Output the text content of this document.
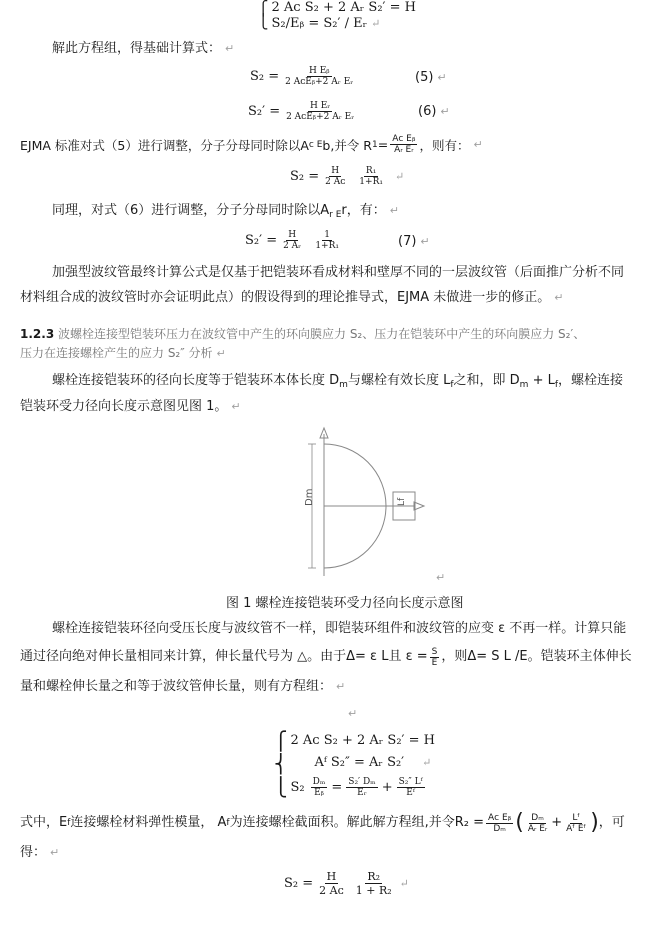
⎧
⎩
2 Aᴄ S₂ + 2 Aᵣ S₂′ = H
S₂/Eᵦ = S₂′ / Eᵣ ↵
解此方程组，得基础计算式： ↵
$S_2 = \frac{\text{H Eᵦ}}{\text{2 AᴄEᵦ+2 Aᵣ Eᵣ}}$	(5) ↵
$S_2' = \frac{\text{H Eᵣ}}{\text{2 AᴄEᵦ+2 Aᵣ Eᵣ}}$	(6) ↵
EJMA 标准对式（5）进行调整，分子分母同时除以A c E b,并令 R $1 = \frac{\text{Aᴄ Eᵦ}}{\text{Aᵣ Eᵣ}}$ ，则有： ↵
$S_2 = \frac{H}{\text{2 Aᴄ}} \frac{\text{R₁}}{\text{1+R₁}}$ ↵
同理，对式（6）进行调整，分子分母同时除以$A_{r E}r$，有： ↵
$S_2' = \frac{H}{\text{2 Aᵣ}} \frac{1}{\text{1+R₁}}$	(7) ↵
加强型波纹管最终计算公式是仅基于把铠装环看成材料和壁厚不同的一层波纹管（后面推广分析不同
材料组合成的波纹管时亦会证明此点）的假设得到的理论推导式，EJMA 未做进一步的修正。 ↵
1.2.3 波螺栓连接型铠装环压力在波纹管中产生的环向膜应力 S₂、压力在铠装环中产生的环向膜应力 S₂′、
压力在连接螺栓产生的应力 S₂″ 分析 ↵
螺栓连接铠装环的径向长度等于铠装环本体长度 $D_m$与螺栓有效长度 $L_f$之和，即 $D_m + L_f$，螺栓连接
铠装环受力径向长度示意图见图 1。 ↵
Dm	Lf
↵
图 1 螺栓连接铠装环受力径向长度示意图
螺栓连接铠装环径向受压长度与波纹管不一样，即铠装环组件和波纹管的应变 ε 不再一样。计算只能
通过径向绝对伸长量相同来计算，伸长量代号为 △。由于Δ= ε L且 $\varepsilon = \frac{S}{E}$ ，则Δ= S L /E。铠装环主体伸长
量和螺栓伸长量之和等于波纹管伸长量，则有方程组： ↵
↵
⎧
⎨
⎩
2 Aᴄ S₂ + 2 Aᵣ S₂′ = H
Aᶠ S₂″ = Aᵣ S₂′ ↵
$S_2 \frac{\text{Dₘ}}{\text{Eᵦ}} = \frac{\text{S₂′ Dₘ}}{\text{Eᵣ}} + \frac{\text{S₂″ Lᶠ}}{\text{Eᶠ}}$
式中，E f 连接螺栓材料弹性模量， A f 为连接螺栓截面积。解此解方程组,并令$R_2 = \frac{\text{Aᴄ Eᵦ}}{\text{Dₘ}}$ ( $\frac{\text{Dₘ}}{\text{Aᵣ Eᵣ}} + \frac{\text{Lᶠ}}{\text{Aᶠ Eᶠ}}$ ) ，可
得： ↵
$S_2 = \frac{H}{\text{2 Aᴄ}} \frac{\text{R₂}}{\text{1 + R₂}}$ ↵
